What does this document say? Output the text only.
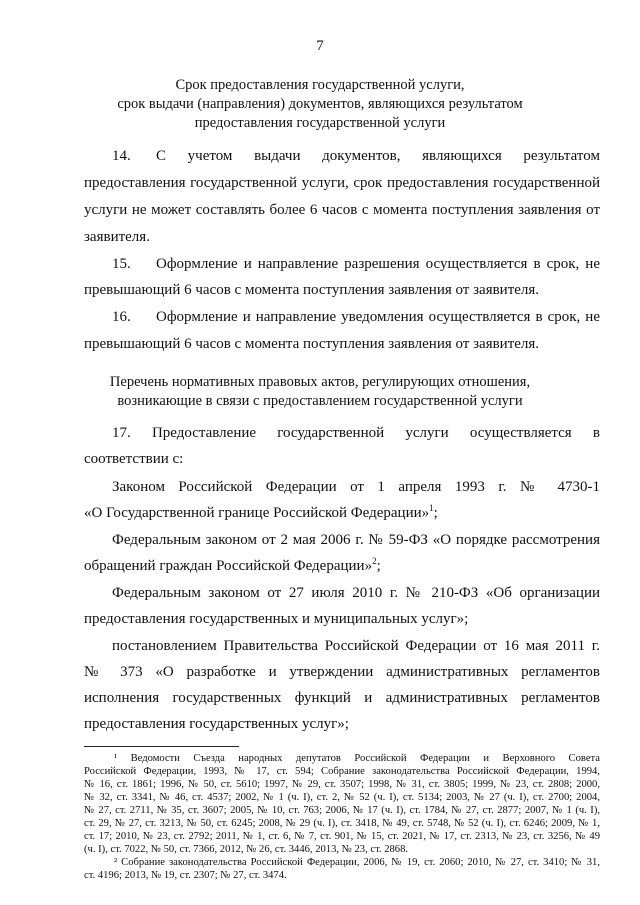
7
Срок предоставления государственной услуги,
срок выдачи (направления) документов, являющихся результатом
предоставления государственной услуги
14. С учетом выдачи документов, являющихся результатом
предоставления государственной услуги, срок предоставления государственной
услуги не может составлять более 6 часов с момента поступления заявления от
заявителя.
15. Оформление и направление разрешения осуществляется в срок, не
превышающий 6 часов с момента поступления заявления от заявителя.
16. Оформление и направление уведомления осуществляется в срок, не
превышающий 6 часов с момента поступления заявления от заявителя.
Перечень нормативных правовых актов, регулирующих отношения,
возникающие в связи с предоставлением государственной услуги
17. Предоставление государственной услуги осуществляется в
соответствии с:
Законом Российской Федерации от 1 апреля 1993 г. № 4730-1
«О Государственной границе Российской Федерации»$^1$;
Федеральным законом от 2 мая 2006 г. № 59-ФЗ «О порядке рассмотрения
обращений граждан Российской Федерации»$^2$;
Федеральным законом от 27 июля 2010 г. № 210-ФЗ «Об организации
предоставления государственных и муниципальных услуг»;
постановлением Правительства Российской Федерации от 16 мая 2011 г.
№ 373 «О разработке и утверждении административных регламентов
исполнения государственных функций и административных регламентов
предоставления государственных услуг»;
¹ Ведомости Съезда народных депутатов Российской Федерации и Верховного Совета
Российской Федерации, 1993, № 17, ст. 594; Собрание законодательства Российской Федерации, 1994,
№ 16, ст. 1861; 1996, № 50, ст. 5610; 1997, № 29, ст. 3507; 1998, № 31, ст. 3805; 1999, № 23, ст. 2808; 2000,
№ 32, ст. 3341, № 46, ст. 4537; 2002, № 1 (ч. I), ст. 2, № 52 (ч. I), ст. 5134; 2003, № 27 (ч. I), ст. 2700; 2004,
№ 27, ст. 2711, № 35, ст. 3607; 2005, № 10, ст. 763; 2006, № 17 (ч. I), ст. 1784, № 27, ст. 2877; 2007, № 1 (ч. I),
ст. 29, № 27, ст. 3213, № 50, ст. 6245; 2008, № 29 (ч. I), ст. 3418, № 49, ст. 5748, № 52 (ч. I), ст. 6246; 2009, № 1,
ст. 17; 2010, № 23, ст. 2792; 2011, № 1, ст. 6, № 7, ст. 901, № 15, ст. 2021, № 17, ст. 2313, № 23, ст. 3256, № 49
(ч. I), ст. 7022, № 50, ст. 7366, 2012, № 26, ст. 3446, 2013, № 23, ст. 2868.
² Собрание законодательства Российской Федерации, 2006, № 19, ст. 2060; 2010, № 27, ст. 3410; № 31,
ст. 4196; 2013, № 19, ст. 2307; № 27, ст. 3474.
